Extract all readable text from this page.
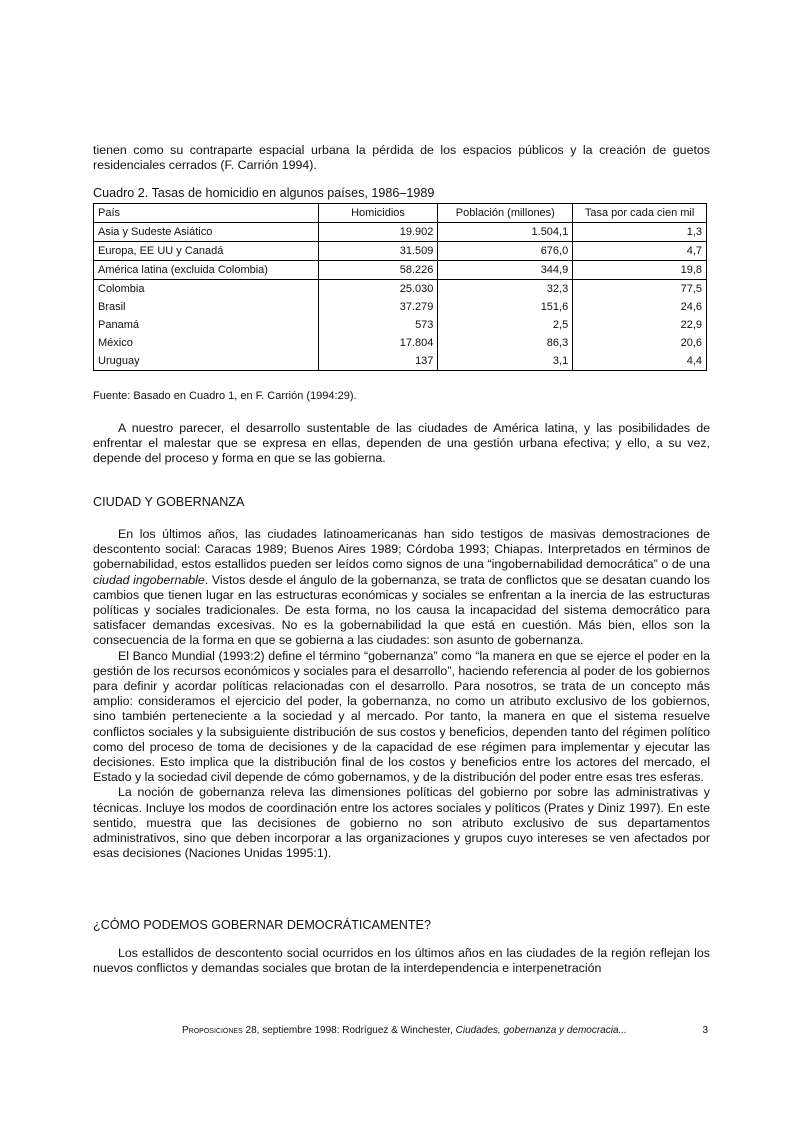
tienen como su contraparte espacial urbana la pérdida de los espacios públicos y la creación de guetos residenciales cerrados (F. Carrión 1994).

Cuadro 2. Tasas de homicidio en algunos países, 1986–1989
País	Homicidios	Población (millones)	Tasa por cada cien mil
Asia y Sudeste Asiático	19.902	1.504,1	1,3
Europa, EE UU y Canadá	31.509	676,0	4,7
América latina (excluida Colombia)	58.226	344,9	19,8
Colombia	25.030	32,3	77,5
Brasil	37.279	151,6	24,6
Panamá	573	2,5	22,9
México	17.804	86,3	20,6
Uruguay	137	3,1	4,4
Fuente: Basado en Cuadro 1, en F. Carrión (1994:29).

A nuestro parecer, el desarrollo sustentable de las ciudades de América latina, y las posibilidades de enfrentar el malestar que se expresa en ellas, dependen de una gestión urbana efectiva; y ello, a su vez, depende del proceso y forma en que se las gobierna.

CIUDAD Y GOBERNANZA

En los últimos años, las ciudades latinoamericanas han sido testigos de masivas demostraciones de descontento social: Caracas 1989; Buenos Aires 1989; Córdoba 1993; Chiapas. Interpretados en términos de gobernabilidad, estos estallidos pueden ser leídos como signos de una “ingobernabilidad democrática” o de una ciudad ingobernable. Vistos desde el ángulo de la gobernanza, se trata de conflictos que se desatan cuando los cambios que tienen lugar en las estructuras económicas y sociales se enfrentan a la inercia de las estructuras políticas y sociales tradicionales. De esta forma, no los causa la incapacidad del sistema democrático para satisfacer demandas excesivas. No es la gobernabilidad la que está en cuestión. Más bien, ellos son la consecuencia de la forma en que se gobierna a las ciudades: son asunto de gobernanza.

El Banco Mundial (1993:2) define el término “gobernanza” como “la manera en que se ejerce el poder en la gestión de los recursos económicos y sociales para el desarrollo”, haciendo referencia al poder de los gobiernos para definir y acordar políticas relacionadas con el desarrollo. Para nosotros, se trata de un concepto más amplio: consideramos el ejercicio del poder, la gobernanza, no como un atributo exclusivo de los gobiernos, sino también perteneciente a la sociedad y al mercado. Por tanto, la manera en que el sistema resuelve conflictos sociales y la subsiguiente distribución de sus costos y beneficios, dependen tanto del régimen político como del proceso de toma de decisiones y de la capacidad de ese régimen para implementar y ejecutar las decisiones. Esto implica que la distribución final de los costos y beneficios entre los actores del mercado, el Estado y la sociedad civil depende de cómo gobernamos, y de la distribución del poder entre esas tres esferas.

La noción de gobernanza releva las dimensiones políticas del gobierno por sobre las administrativas y técnicas. Incluye los modos de coordinación entre los actores sociales y políticos (Prates y Diniz 1997). En este sentido, muestra que las decisiones de gobierno no son atributo exclusivo de sus departamentos administrativos, sino que deben incorporar a las organizaciones y grupos cuyo intereses se ven afectados por esas decisiones (Naciones Unidas 1995:1).

¿CÓMO PODEMOS GOBERNAR DEMOCRÁTICAMENTE?

Los estallidos de descontento social ocurridos en los últimos años en las ciudades de la región reflejan los nuevos conflictos y demandas sociales que brotan de la interdependencia e interpenetración

Proposiciones 28, septiembre 1998: Rodríguez & Winchester, Ciudades, gobernanza y democracia...	3
